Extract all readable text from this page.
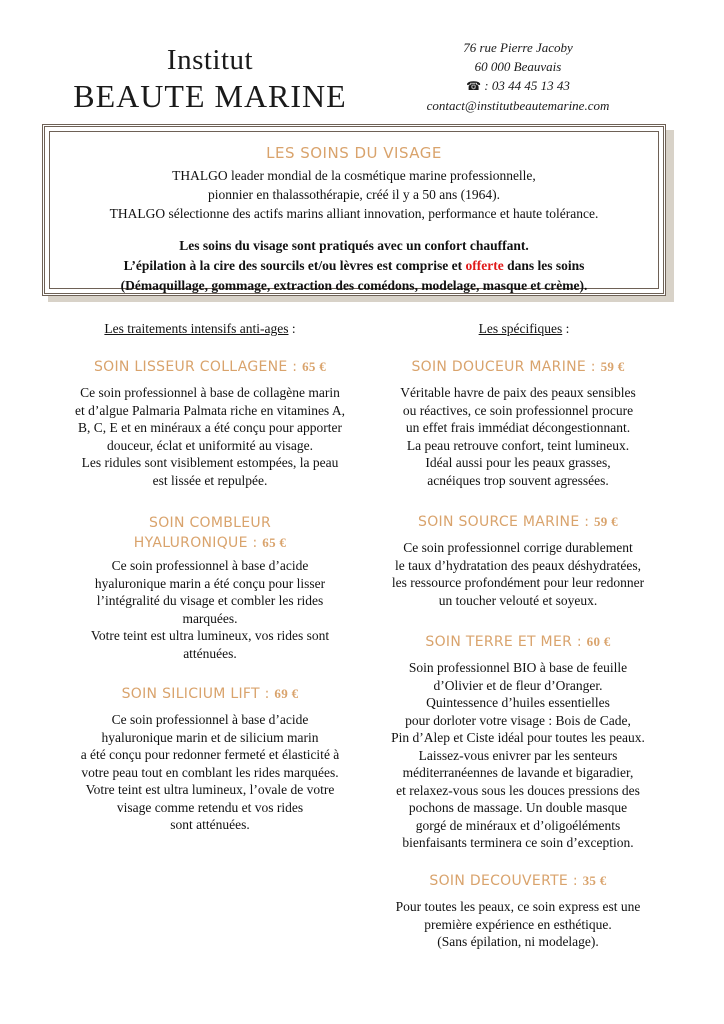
Institut
BEAUTE MARINE
76 rue Pierre Jacoby
60 000 Beauvais
☎ : 03 44 45 13 43
contact@institutbeautemarine.com
LES SOINS DU VISAGE
THALGO leader mondial de la cosmétique marine professionnelle,
pionnier en thalassothérapie, créé il y a 50 ans (1964).
THALGO sélectionne des actifs marins alliant innovation, performance et haute tolérance.
Les soins du visage sont pratiqués avec un confort chauffant.
L’épilation à la cire des sourcils et/ou lèvres est comprise et offerte dans les soins
(Démaquillage, gommage, extraction des comédons, modelage, masque et crème).
Les traitements intensifs anti-ages :	Les spécifiques :
SOIN LISSEUR COLLAGENE : 65 €
Ce soin professionnel à base de collagène marin
et d’algue Palmaria Palmata riche en vitamines A,
B, C, E et en minéraux a été conçu pour apporter
douceur, éclat et uniformité au visage.
Les ridules sont visiblement estompées, la peau
est lissée et repulpée.
SOIN COMBLEUR
HYALURONIQUE : 65 €
Ce soin professionnel à base d’acide
hyaluronique marin a été conçu pour lisser
l’intégralité du visage et combler les rides
marquées.
Votre teint est ultra lumineux, vos rides sont
atténuées.
SOIN SILICIUM LIFT : 69 €
Ce soin professionnel à base d’acide
hyaluronique marin et de silicium marin
a été conçu pour redonner fermeté et élasticité à
votre peau tout en comblant les rides marquées.
Votre teint est ultra lumineux, l’ovale de votre
visage comme retendu et vos rides
sont atténuées.
SOIN DOUCEUR MARINE : 59 €
Véritable havre de paix des peaux sensibles
ou réactives, ce soin professionnel procure
un effet frais immédiat décongestionnant.
La peau retrouve confort, teint lumineux.
Idéal aussi pour les peaux grasses,
acnéiques trop souvent agressées.
SOIN SOURCE MARINE : 59 €
Ce soin professionnel corrige durablement
le taux d’hydratation des peaux déshydratées,
les ressource profondément pour leur redonner
un toucher velouté et soyeux.
SOIN TERRE ET MER : 60 €
Soin professionnel BIO à base de feuille
d’Olivier et de fleur d’Oranger.
Quintessence d’huiles essentielles
pour dorloter votre visage : Bois de Cade,
Pin d’Alep et Ciste idéal pour toutes les peaux.
Laissez-vous enivrer par les senteurs
méditerranéennes de lavande et bigaradier,
et relaxez-vous sous les douces pressions des
pochons de massage. Un double masque
gorgé de minéraux et d’oligoéléments
bienfaisants terminera ce soin d’exception.
SOIN DECOUVERTE : 35 €
Pour toutes les peaux, ce soin express est une
première expérience en esthétique.
(Sans épilation, ni modelage).
